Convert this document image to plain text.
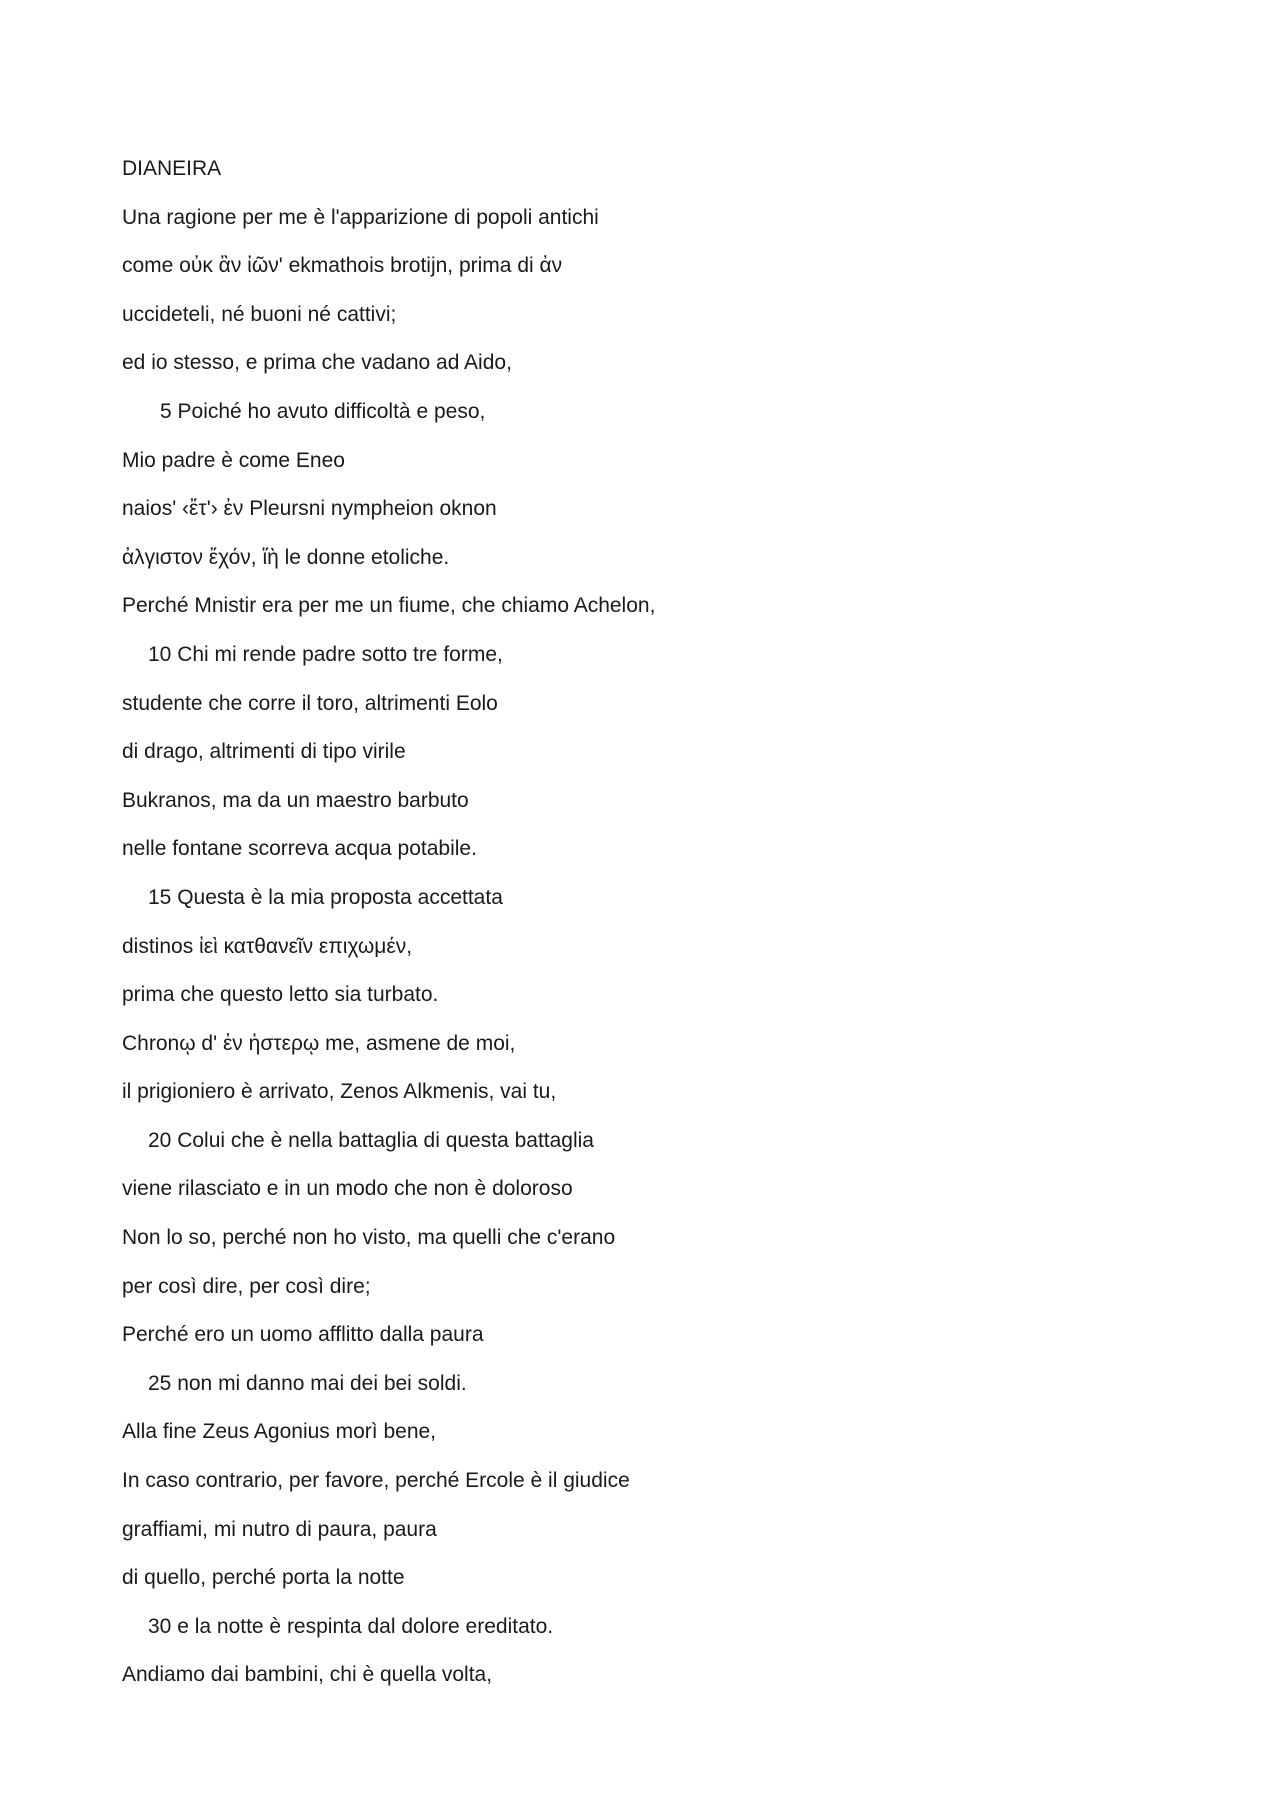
DIANEIRA
Una ragione per me è l'apparizione di popoli antichi
come οὐκ ἂν ἰῶν' ekmathois brotijn, prima di ἀν
uccideteli, né buoni né cattivi;
ed io stesso, e prima che vadano ad Aido,
5 Poiché ho avuto difficoltà e peso,
Mio padre è come Eneo
naios' ‹ἔτ'› ἐν Pleursni nympheion oknon
ἀλγιστον ἔχόν, ἵὴ le donne etoliche.
Perché Mnistir era per me un fiume, che chiamo Achelon,
10 Chi mi rende padre sotto tre forme,
studente che corre il toro, altrimenti Eolo
di drago, altrimenti di tipo virile
Bukranos, ma da un maestro barbuto
nelle fontane scorreva acqua potabile.
15 Questa è la mia proposta accettata
distinos ἰεὶ κατθανεῖν επιχωμέν,
prima che questo letto sia turbato.
Chronῳ d' ἐν ἠστερῳ me, asmene de moi,
il prigioniero è arrivato, Zenos Alkmenis, vai tu,
20 Colui che è nella battaglia di questa battaglia
viene rilasciato e in un modo che non è doloroso
Non lo so, perché non ho visto, ma quelli che c'erano
per così dire, per così dire;
Perché ero un uomo afflitto dalla paura
25 non mi danno mai dei bei soldi.
Alla fine Zeus Agonius morì bene,
In caso contrario, per favore, perché Ercole è il giudice
graffiami, mi nutro di paura, paura
di quello, perché porta la notte
30 e la notte è respinta dal dolore ereditato.
Andiamo dai bambini, chi è quella volta,
